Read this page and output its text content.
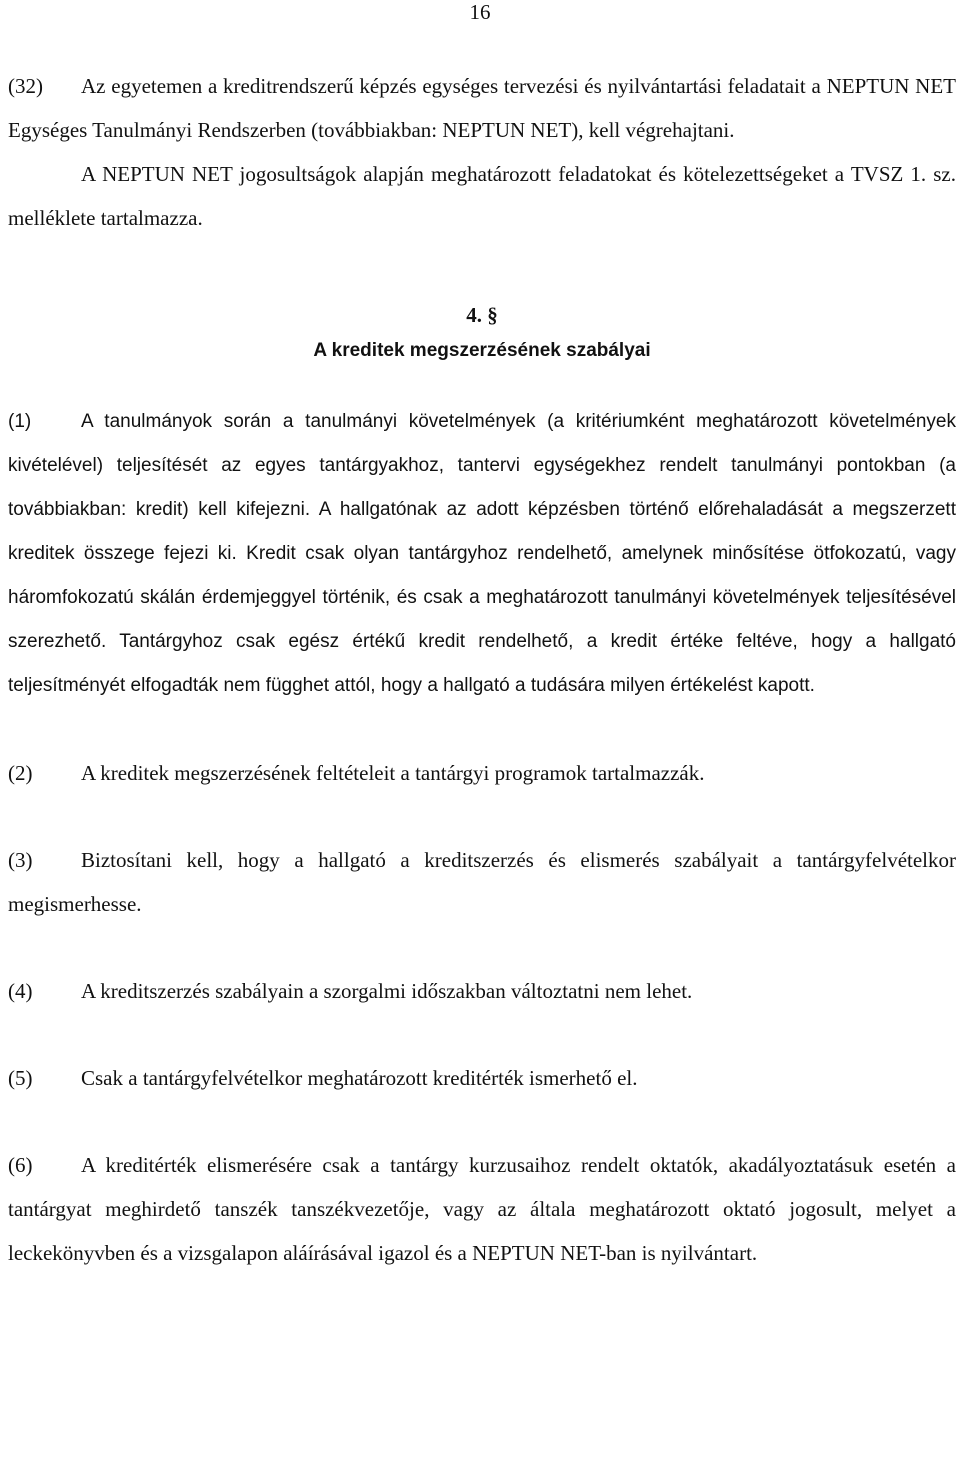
16

(32) Az egyetemen a kreditrendszerű képzés egységes tervezési és nyilvántartási feladatait a NEPTUN NET Egységes Tanulmányi Rendszerben (továbbiakban: NEPTUN NET), kell végrehajtani.

A NEPTUN NET jogosultságok alapján meghatározott feladatokat és kötelezettségeket a TVSZ 1. sz. melléklete tartalmazza.

4. §
A kreditek megszerzésének szabályai

(1)	A tanulmányok során a tanulmányi követelmények (a kritériumként meghatározott követelmények kivételével) teljesítését az egyes tantárgyakhoz, tantervi egységekhez rendelt tanulmányi pontokban (a továbbiakban: kredit) kell kifejezni. A hallgatónak az adott képzésben történő előrehaladását a megszerzett kreditek összege fejezi ki. Kredit csak olyan tantárgyhoz rendelhető, amelynek minősítése ötfokozatú, vagy háromfokozatú skálán érdemjeggyel történik, és csak a meghatározott tanulmányi követelmények teljesítésével szerezhető. Tantárgyhoz csak egész értékű kredit rendelhető, a kredit értéke feltéve, hogy a hallgató teljesítményét elfogadták nem függhet attól, hogy a hallgató a tudására milyen értékelést kapott.

(2) A kreditek megszerzésének feltételeit a tantárgyi programok tartalmazzák.

(3) Biztosítani kell, hogy a hallgató a kreditszerzés és elismerés szabályait a tantárgyfelvételkor megismerhesse.

(4) A kreditszerzés szabályain a szorgalmi időszakban változtatni nem lehet.

(5) Csak a tantárgyfelvételkor meghatározott kreditérték ismerhető el.

(6) A kreditérték elismerésére csak a tantárgy kurzusaihoz rendelt oktatók, akadályoztatásuk esetén a tantárgyat meghirdető tanszék tanszékvezetője, vagy az általa meghatározott oktató jogosult, melyet a leckekönyvben és a vizsgalapon aláírásával igazol és a NEPTUN NET-ban is nyilvántart.
